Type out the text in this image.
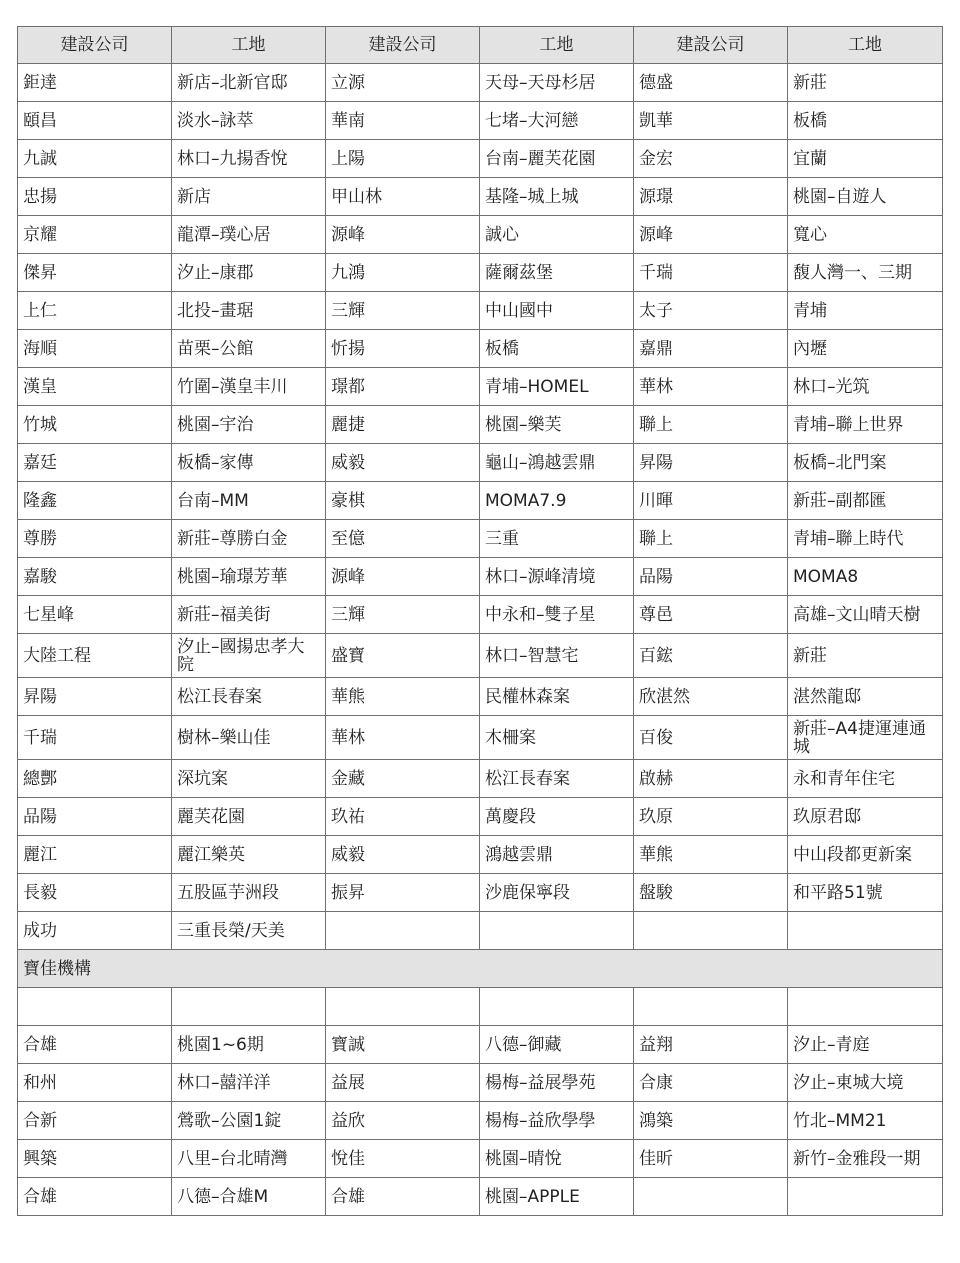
建設公司	工地	建設公司	工地	建設公司	工地
鉅達	新店–北新官邸	立源	天母–天母杉居	德盛	新莊
頤昌	淡水–詠萃	華南	七堵–大河戀	凱華	板橋
九誠	林口–九揚香悅	上陽	台南–麗芙花園	金宏	宜蘭
忠揚	新店	甲山林	基隆–城上城	源璟	桃園–自遊人
京耀	龍潭–璞心居	源峰	誠心	源峰	寬心
傑昇	汐止–康郡	九鴻	薩爾茲堡	千瑞	馥人灣一、三期
上仁	北投–畫琚	三輝	中山國中	太子	青埔
海順	苗栗–公館	忻揚	板橋	嘉鼎	內壢
漢皇	竹圍–漢皇丰川	璟都	青埔–HOMEL	華林	林口–光筑
竹城	桃園–宇治	麗捷	桃園–樂芙	聯上	青埔–聯上世界
嘉廷	板橋–家傳	威毅	龜山–鴻越雲鼎	昇陽	板橋–北門案
隆鑫	台南–MM	豪棋	MOMA7.9	川暉	新莊–副都匯
尊勝	新莊–尊勝白金	至億	三重	聯上	青埔–聯上時代
嘉駿	桃園–瑜璟芳華	源峰	林口–源峰清境	品陽	MOMA8
七星峰	新莊–福美街	三輝	中永和–雙子星	尊邑	高雄–文山晴天樹
大陸工程	汐止–國揚忠孝大院	盛寶	林口–智慧宅	百鋐	新莊
昇陽	松江長春案	華熊	民權林森案	欣湛然	湛然龍邸
千瑞	樹林–樂山佳	華林	木柵案	百俊	新莊–A4捷運連通城
總酆	深坑案	金藏	松江長春案	啟赫	永和青年住宅
品陽	麗芙花園	玖祐	萬慶段	玖原	玖原君邸
麗江	麗江樂英	威毅	鴻越雲鼎	華熊	中山段都更新案
長毅	五股區芋洲段	振昇	沙鹿保寧段	盤駿	和平路51號
成功	三重長榮/天美				
寶佳機構					

合雄	桃園1~6期	寶誠	八德–御藏	益翔	汐止–青庭
和州	林口–囍洋洋	益展	楊梅–益展學苑	合康	汐止–東城大境
合新	鶯歌–公園1錠	益欣	楊梅–益欣學學	鴻築	竹北–MM21
興築	八里–台北晴灣	悅佳	桃園–晴悅	佳昕	新竹–金雅段一期
合雄	八德–合雄M	合雄	桃園–APPLE		
